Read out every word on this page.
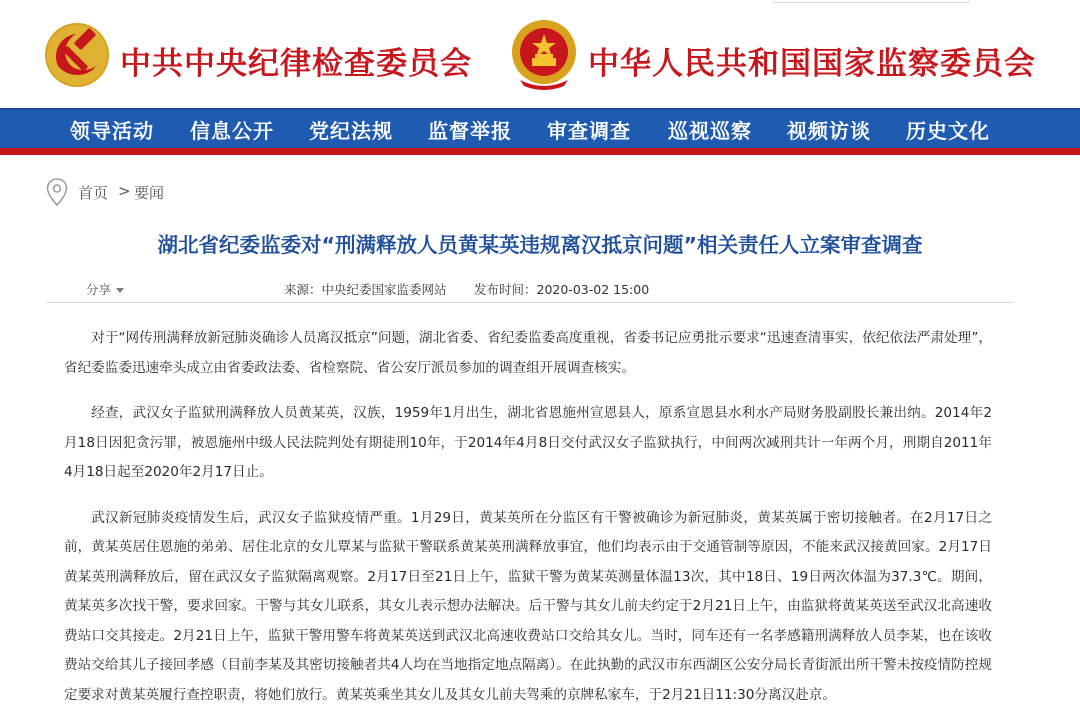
中共中央纪律检查委员会	中华人民共和国国家监察委员会
领导活动 信息公开 党纪法规 监督举报 审查调查 巡视巡察 视频访谈 历史文化
首页 > 要闻
湖北省纪委监委对“刑满释放人员黄某英违规离汉抵京问题”相关责任人立案审查调查
分享	来源：中央纪委国家监委网站 发布时间：2020-03-02 15:00

对于“网传刑满释放新冠肺炎确诊人员离汉抵京”问题，湖北省委、省纪委监委高度重视，省委书记应勇批示要求“迅速查清事实，依纪依法严肃处理”，省纪委监委迅速牵头成立由省委政法委、省检察院、省公安厅派员参加的调查组开展调查核实。

经查，武汉女子监狱刑满释放人员黄某英，汉族，1959年1月出生，湖北省恩施州宣恩县人，原系宣恩县水利水产局财务股副股长兼出纳。2014年2月18日因犯贪污罪，被恩施州中级人民法院判处有期徒刑10年，于2014年4月8日交付武汉女子监狱执行，中间两次减刑共计一年两个月，刑期自2011年4月18日起至2020年2月17日止。

武汉新冠肺炎疫情发生后，武汉女子监狱疫情严重。1月29日，黄某英所在分监区有干警被确诊为新冠肺炎，黄某英属于密切接触者。在2月17日之前，黄某英居住恩施的弟弟、居住北京的女儿覃某与监狱干警联系黄某英刑满释放事宜，他们均表示由于交通管制等原因，不能来武汉接黄回家。2月17日黄某英刑满释放后，留在武汉女子监狱隔离观察。2月17日至21日上午，监狱干警为黄某英测量体温13次，其中18日、19日两次体温为37.3℃。期间，黄某英多次找干警，要求回家。干警与其女儿联系，其女儿表示想办法解决。后干警与其女儿前夫约定于2月21日上午，由监狱将黄某英送至武汉北高速收费站口交其接走。2月21日上午，监狱干警用警车将黄某英送到武汉北高速收费站口交给其女儿。当时，同车还有一名孝感籍刑满释放人员李某，也在该收费站交给其儿子接回孝感（目前李某及其密切接触者共4人均在当地指定地点隔离）。在此执勤的武汉市东西湖区公安分局长青街派出所干警未按疫情防控规定要求对黄某英履行查控职责，将她们放行。黄某英乘坐其女儿及其女儿前夫驾乘的京牌私家车，于2月21日11:30分离汉赴京。
